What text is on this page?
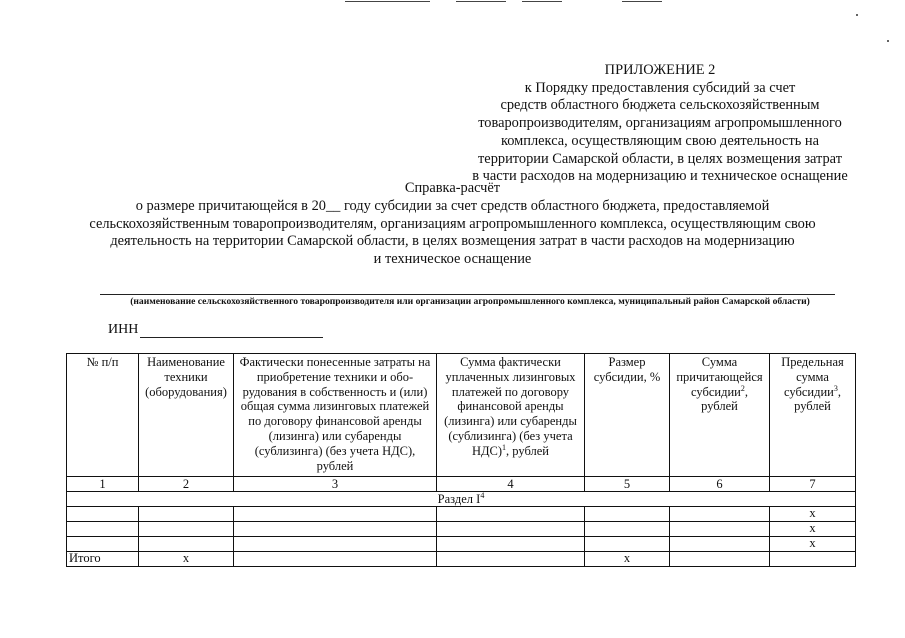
ПРИЛОЖЕНИЕ 2
к Порядку предоставления субсидий за счет
средств областного бюджета сельскохозяйственным
товаропроизводителям, организациям агропромышленного
комплекса, осуществляющим свою деятельность на
территории Самарской области, в целях возмещения затрат
в части расходов на модернизацию и техническое оснащение
Справка-расчёт
о размере причитающейся в 20__ году субсидии за счет средств областного бюджета, предоставляемой
сельскохозяйственным товаропроизводителям, организациям агропромышленного комплекса, осуществляющим свою
деятельность на территории Самарской области, в целях возмещения затрат в части расходов на модернизацию
и техническое оснащение
(наименование сельскохозяйственного товаропроизводителя или организации агропромышленного комплекса, муниципальный район Самарской области)
ИНН
№ п/п	Наименование техники (оборудования)	Фактически понесенные затраты на приобретение техники и обо-рудования в собственность и (или) общая сумма лизинговых платежей по договору финансовой аренды (лизинга) или субаренды (сублизинга) (без учета НДС), рублей	Сумма фактически уплаченных лизинговых платежей по договору финансовой аренды (лизинга) или субаренды (сублизинга) (без учета НДС)$^1$, рублей	Размер субсидии, %	Сумма причитающейся субсидии$^2$, рублей	Предельная сумма субсидии$^3$, рублей
1	2	3	4	5	6	7
Раздел $I^4$
						x
						x
						x
Итого	x			x		
